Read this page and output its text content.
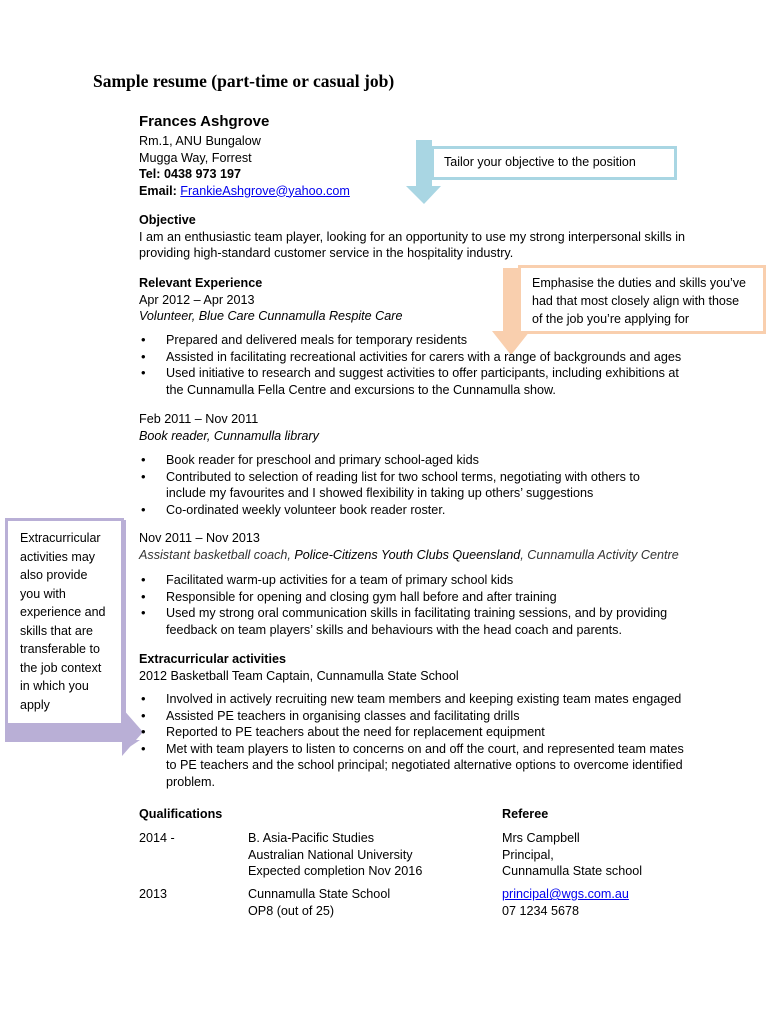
Tailor your objective to the position
Emphasise the duties and skills you’ve
had that most closely align with those
of the job you’re applying for
Extracurricular
activities may
also provide
you with
experience and
skills that are
transferable to
the job context
in which you
apply
Sample resume (part-time or casual job)
Frances Ashgrove
Rm.1, ANU Bungalow
Mugga Way, Forrest
Tel: 0438 973 197
Email: FrankieAshgrove@yahoo.com
Objective
I am an enthusiastic team player, looking for an opportunity to use my strong interpersonal skills in
providing high-standard customer service in the hospitality industry.
Relevant Experience
Apr 2012 – Apr 2013
Volunteer, Blue Care Cunnamulla Respite Care
• Prepared and delivered meals for temporary residents
• Assisted in facilitating recreational activities for carers with a range of backgrounds and ages
• Used initiative to research and suggest activities to offer participants, including exhibitions at
the Cunnamulla Fella Centre and excursions to the Cunnamulla show.
Feb 2011 – Nov 2011
Book reader, Cunnamulla library
• Book reader for preschool and primary school-aged kids
• Contributed to selection of reading list for two school terms, negotiating with others to
include my favourites and I showed flexibility in taking up others’ suggestions
• Co-ordinated weekly volunteer book reader roster.
Nov 2011 – Nov 2013
Assistant basketball coach, Police-Citizens Youth Clubs Queensland, Cunnamulla Activity Centre
• Facilitated warm-up activities for a team of primary school kids
• Responsible for opening and closing gym hall before and after training
• Used my strong oral communication skills in facilitating training sessions, and by providing
feedback on team players’ skills and behaviours with the head coach and parents.
Extracurricular activities
2012 Basketball Team Captain, Cunnamulla State School
• Involved in actively recruiting new team members and keeping existing team mates engaged
• Assisted PE teachers in organising classes and facilitating drills
• Reported to PE teachers about the need for replacement equipment
• Met with team players to listen to concerns on and off the court, and represented team mates
to PE teachers and the school principal; negotiated alternative options to overcome identified
problem.
Qualifications
2014 -	B. Asia-Pacific Studies
Australian National University
Expected completion Nov 2016
2013	Cunnamulla State School
OP8 (out of 25)
Referee
Mrs Campbell
Principal,
Cunnamulla State school
principal@wgs.com.au
07 1234 5678
